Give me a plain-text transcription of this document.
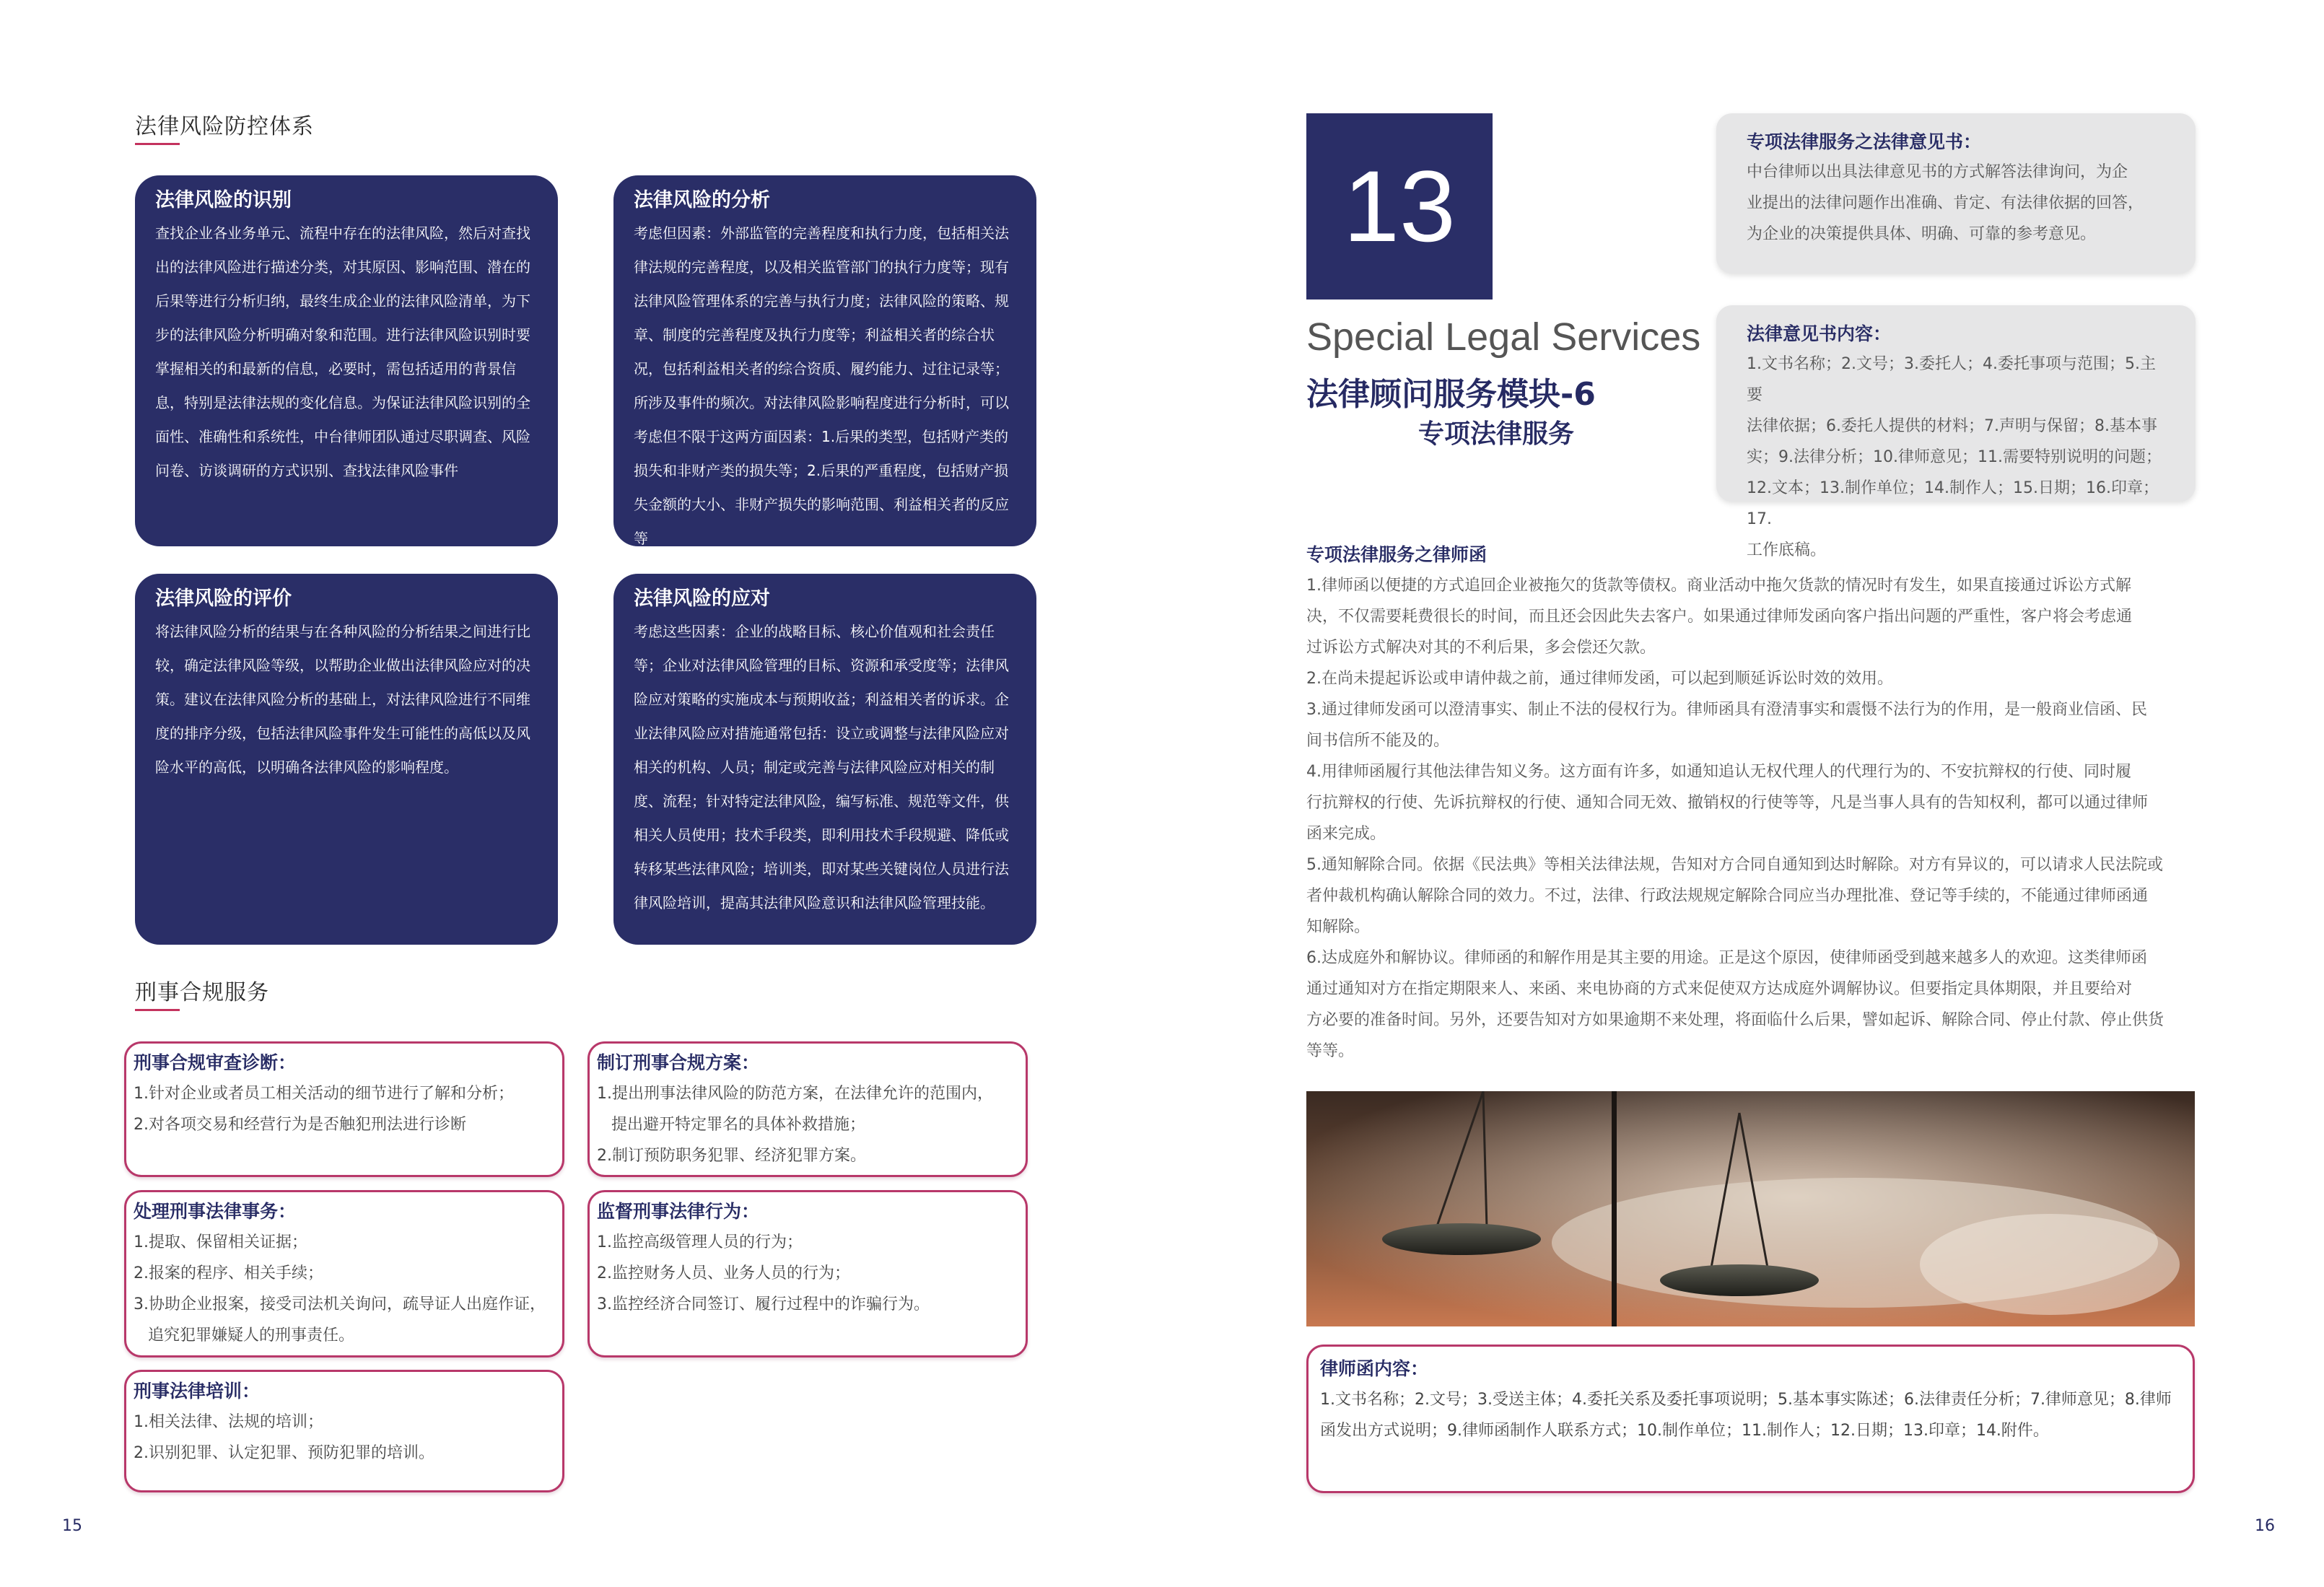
法律风险防控体系
法律风险的识别
查找企业各业务单元、流程中存在的法律风险，然后对查找出的法律风险进行描述分类，对其原因、影响范围、潜在的后果等进行分析归纳，最终生成企业的法律风险清单，为下步的法律风险分析明确对象和范围。进行法律风险识别时要掌握相关的和最新的信息，必要时，需包括适用的背景信息，特别是法律法规的变化信息。为保证法律风险识别的全面性、准确性和系统性，中台律师团队通过尽职调查、风险问卷、访谈调研的方式识别、查找法律风险事件
法律风险的分析
考虑但因素：外部监管的完善程度和执行力度，包括相关法律法规的完善程度，以及相关监管部门的执行力度等；现有法律风险管理体系的完善与执行力度；法律风险的策略、规章、制度的完善程度及执行力度等；利益相关者的综合状况，包括利益相关者的综合资质、履约能力、过往记录等；所涉及事件的频次。对法律风险影响程度进行分析时，可以考虑但不限于这两方面因素：1.后果的类型，包括财产类的损失和非财产类的损失等；2.后果的严重程度，包括财产损失金额的大小、非财产损失的影响范围、利益相关者的反应等
法律风险的评价
将法律风险分析的结果与在各种风险的分析结果之间进行比较，确定法律风险等级，以帮助企业做出法律风险应对的决策。建议在法律风险分析的基础上，对法律风险进行不同维度的排序分级，包括法律风险事件发生可能性的高低以及风险水平的高低，以明确各法律风险的影响程度。
法律风险的应对
考虑这些因素：企业的战略目标、核心价值观和社会责任等；企业对法律风险管理的目标、资源和承受度等；法律风险应对策略的实施成本与预期收益；利益相关者的诉求。企业法律风险应对措施通常包括：设立或调整与法律风险应对相关的机构、人员；制定或完善与法律风险应对相关的制度、流程；针对特定法律风险，编写标准、规范等文件，供相关人员使用；技术手段类，即利用技术手段规避、降低或转移某些法律风险；培训类，即对某些关键岗位人员进行法律风险培训，提高其法律风险意识和法律风险管理技能。
刑事合规服务
刑事合规审查诊断：
1.针对企业或者员工相关活动的细节进行了解和分析；
2.对各项交易和经营行为是否触犯刑法进行诊断
制订刑事合规方案：
1.提出刑事法律风险的防范方案，在法律允许的范围内，
提出避开特定罪名的具体补救措施；
2.制订预防职务犯罪、经济犯罪方案。
处理刑事法律事务：
1.提取、保留相关证据；
2.报案的程序、相关手续；
3.协助企业报案，接受司法机关询问，疏导证人出庭作证，
追究犯罪嫌疑人的刑事责任。
监督刑事法律行为：
1.监控高级管理人员的行为；
2.监控财务人员、业务人员的行为；
3.监控经济合同签订、履行过程中的诈骗行为。
刑事法律培训：
1.相关法律、法规的培训；
2.识别犯罪、认定犯罪、预防犯罪的培训。
15
13
Special Legal Services
法律顾问服务模块-6
专项法律服务
专项法律服务之法律意见书：
中台律师以出具法律意见书的方式解答法律询问，为企
业提出的法律问题作出准确、肯定、有法律依据的回答，
为企业的决策提供具体、明确、可靠的参考意见。
法律意见书内容：
1.文书名称；2.文号；3.委托人；4.委托事项与范围；5.主要
法律依据；6.委托人提供的材料；7.声明与保留；8.基本事
实；9.法律分析；10.律师意见；11.需要特别说明的问题；
12.文本；13.制作单位；14.制作人；15.日期；16.印章；17.
工作底稿。
专项法律服务之律师函
1.律师函以便捷的方式追回企业被拖欠的货款等债权。商业活动中拖欠货款的情况时有发生，如果直接通过诉讼方式解
决，不仅需要耗费很长的时间，而且还会因此失去客户。如果通过律师发函向客户指出问题的严重性，客户将会考虑通
过诉讼方式解决对其的不利后果，多会偿还欠款。
2.在尚未提起诉讼或申请仲裁之前，通过律师发函，可以起到顺延诉讼时效的效用。
3.通过律师发函可以澄清事实、制止不法的侵权行为。律师函具有澄清事实和震慑不法行为的作用，是一般商业信函、民
间书信所不能及的。
4.用律师函履行其他法律告知义务。这方面有许多，如通知追认无权代理人的代理行为的、不安抗辩权的行使、同时履
行抗辩权的行使、先诉抗辩权的行使、通知合同无效、撤销权的行使等等，凡是当事人具有的告知权利，都可以通过律师
函来完成。
5.通知解除合同。依据《民法典》等相关法律法规，告知对方合同自通知到达时解除。对方有异议的，可以请求人民法院或
者仲裁机构确认解除合同的效力。不过，法律、行政法规规定解除合同应当办理批准、登记等手续的，不能通过律师函通
知解除。
6.达成庭外和解协议。律师函的和解作用是其主要的用途。正是这个原因，使律师函受到越来越多人的欢迎。这类律师函
通过通知对方在指定期限来人、来函、来电协商的方式来促使双方达成庭外调解协议。但要指定具体期限，并且要给对
方必要的准备时间。另外，还要告知对方如果逾期不来处理，将面临什么后果，譬如起诉、解除合同、停止付款、停止供货
等等。
律师函内容：
1.文书名称；2.文号；3.受送主体；4.委托关系及委托事项说明；5.基本事实陈述；6.法律责任分析；7.律师意见；8.律师
函发出方式说明；9.律师函制作人联系方式；10.制作单位；11.制作人；12.日期；13.印章；14.附件。
16
